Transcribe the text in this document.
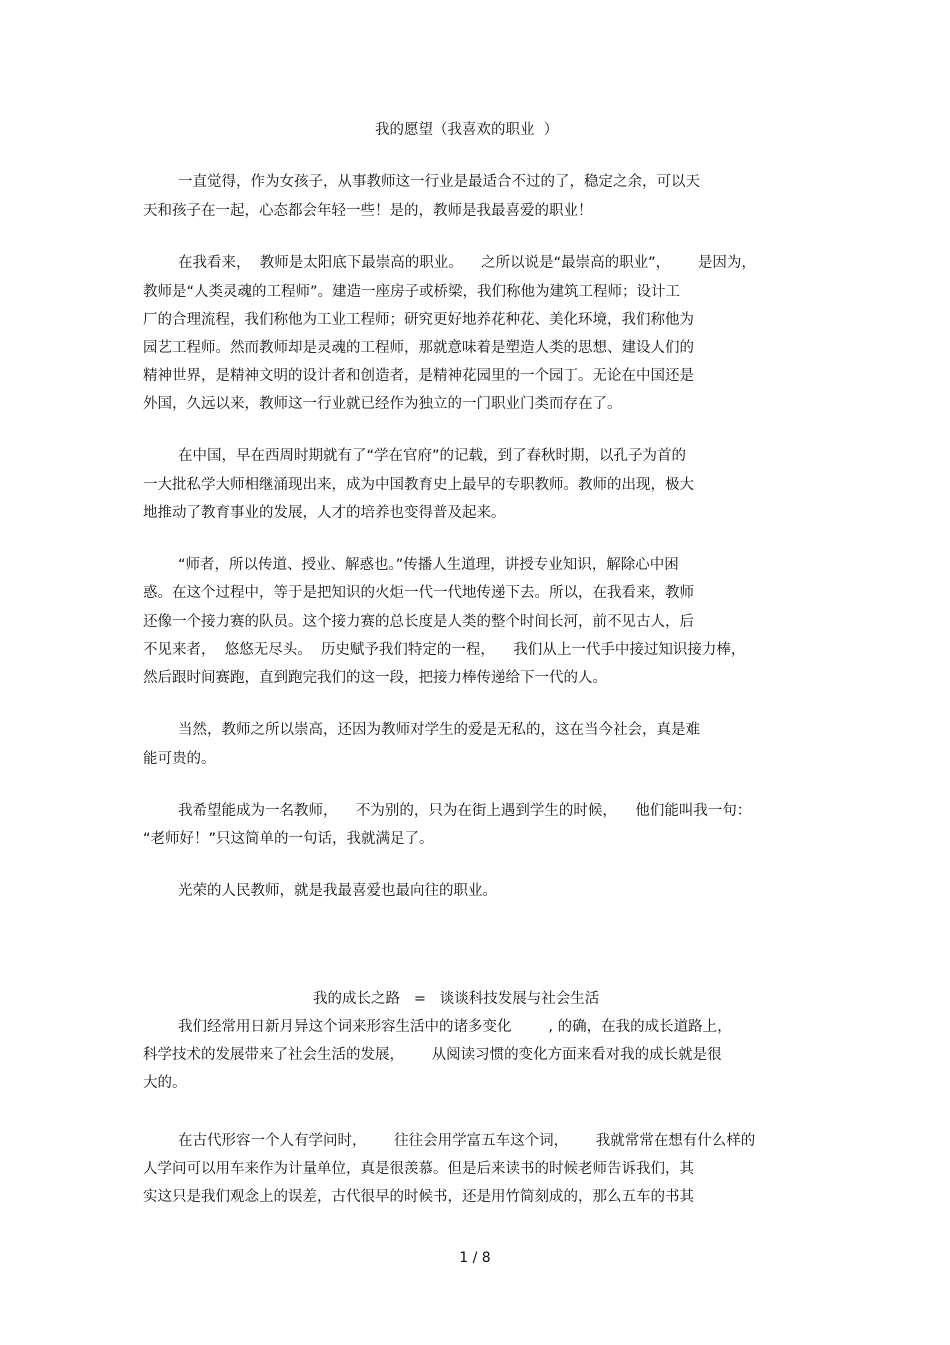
我的愿望（我喜欢的职业  ）
一直觉得，作为女孩子，从事教师这一行业是最适合不过的了，稳定之余，可以天
天和孩子在一起，心态都会年轻一些！是的，教师是我最喜爱的职业！
在我看来，  教师是太阳底下最崇高的职业。    之所以说是“最崇高的职业”，      是因为，
教师是“人类灵魂的工程师”。建造一座房子或桥梁，我们称他为建筑工程师；设计工
厂的合理流程，我们称他为工业工程师；研究更好地养花种花、美化环境，我们称他为
园艺工程师。然而教师却是灵魂的工程师，那就意味着是塑造人类的思想、建设人们的
精神世界，是精神文明的设计者和创造者，是精神花园里的一个园丁。无论在中国还是
外国，久远以来，教师这一行业就已经作为独立的一门职业门类而存在了。
在中国，早在西周时期就有了“学在官府”的记载，到了春秋时期，以孔子为首的
一大批私学大师相继涌现出来，成为中国教育史上最早的专职教师。教师的出现，极大
地推动了教育事业的发展，人才的培养也变得普及起来。
“师者，所以传道、授业、解惑也。”传播人生道理，讲授专业知识，解除心中困
惑。在这个过程中，等于是把知识的火炬一代一代地传递下去。所以，在我看来，教师
还像一个接力赛的队员。这个接力赛的总长度是人类的整个时间长河，前不见古人，后
不见来者，  悠悠无尽头。  历史赋予我们特定的一程，    我们从上一代手中接过知识接力棒，
然后跟时间赛跑，直到跑完我们的这一段，把接力棒传递给下一代的人。
当然，教师之所以崇高，还因为教师对学生的爱是无私的，这在当今社会，真是难
能可贵的。
我希望能成为一名教师，    不为别的，只为在街上遇到学生的时候，    他们能叫我一句：
“老师好！”只这简单的一句话，我就满足了。
光荣的人民教师，就是我最喜爱也最向往的职业。
我的成长之路   =   谈谈科技发展与社会生活
我们经常用日新月异这个词来形容生活中的诸多变化        , 的确，在我的成长道路上，
科学技术的发展带来了社会生活的发展，      从阅读习惯的变化方面来看对我的成长就是很
大的。
在古代形容一个人有学问时，      往往会用学富五车这个词，      我就常常在想有什么样的
人学问可以用车来作为计量单位，真是很羡慕。但是后来读书的时候老师告诉我们，其
实这只是我们观念上的误差，古代很早的时候书，还是用竹简刻成的，那么五车的书其
1 / 8
